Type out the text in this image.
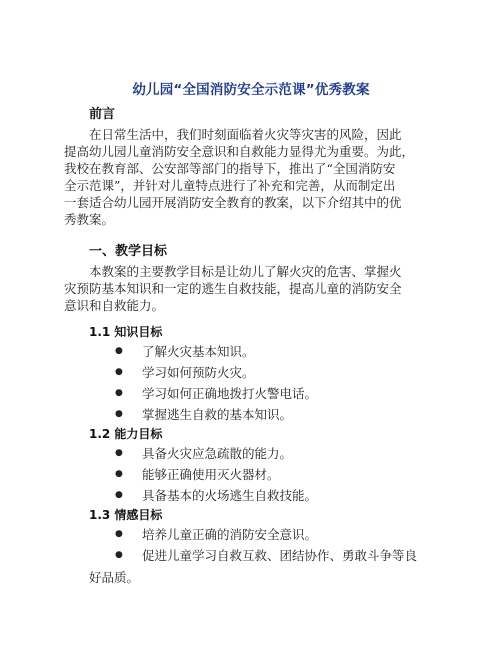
幼儿园“全国消防安全示范课”优秀教案
前言
在日常生活中，我们时刻面临着火灾等灾害的风险，因此
提高幼儿园儿童消防安全意识和自救能力显得尤为重要。为此，
我校在教育部、公安部等部门的指导下，推出了“全国消防安
全示范课”，并针对儿童特点进行了补充和完善，从而制定出
一套适合幼儿园开展消防安全教育的教案，以下介绍其中的优
秀教案。
一、教学目标
本教案的主要教学目标是让幼儿了解火灾的危害、掌握火
灾预防基本知识和一定的逃生自救技能，提高儿童的消防安全
意识和自救能力。
1.1 知识目标
● 了解火灾基本知识。
● 学习如何预防火灾。
● 学习如何正确地拨打火警电话。
● 掌握逃生自救的基本知识。
1.2 能力目标
● 具备火灾应急疏散的能力。
● 能够正确使用灭火器材。
● 具备基本的火场逃生自救技能。
1.3 情感目标
● 培养儿童正确的消防安全意识。
● 促进儿童学习自救互救、团结协作、勇敢斗争等良
好品质。
